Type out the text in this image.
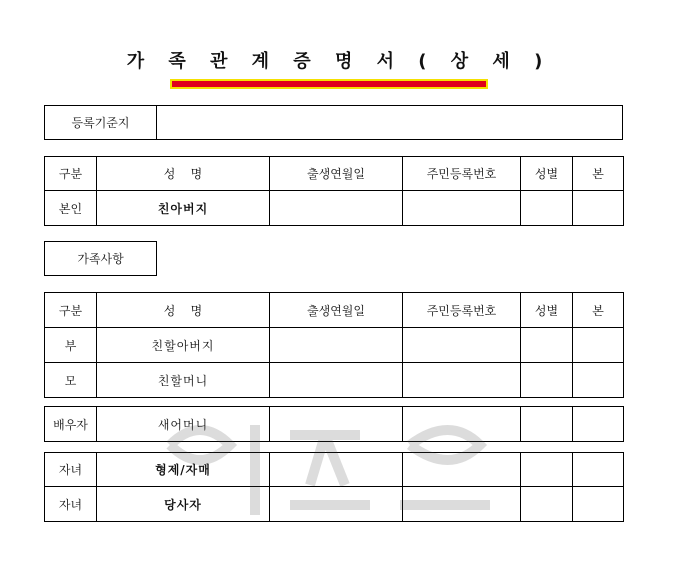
가 족 관 계 증 명 서 ( 상 세 )
등록기준지	
구분	성    명	출생연월일	주민등록번호	성별	본
본인	친아버지				
가족사항
구분	성    명	출생연월일	주민등록번호	성별	본
부	친할아버지				
모	친할머니				
배우자	새어머니				
자녀	형제/자매				
자녀	당사자				
